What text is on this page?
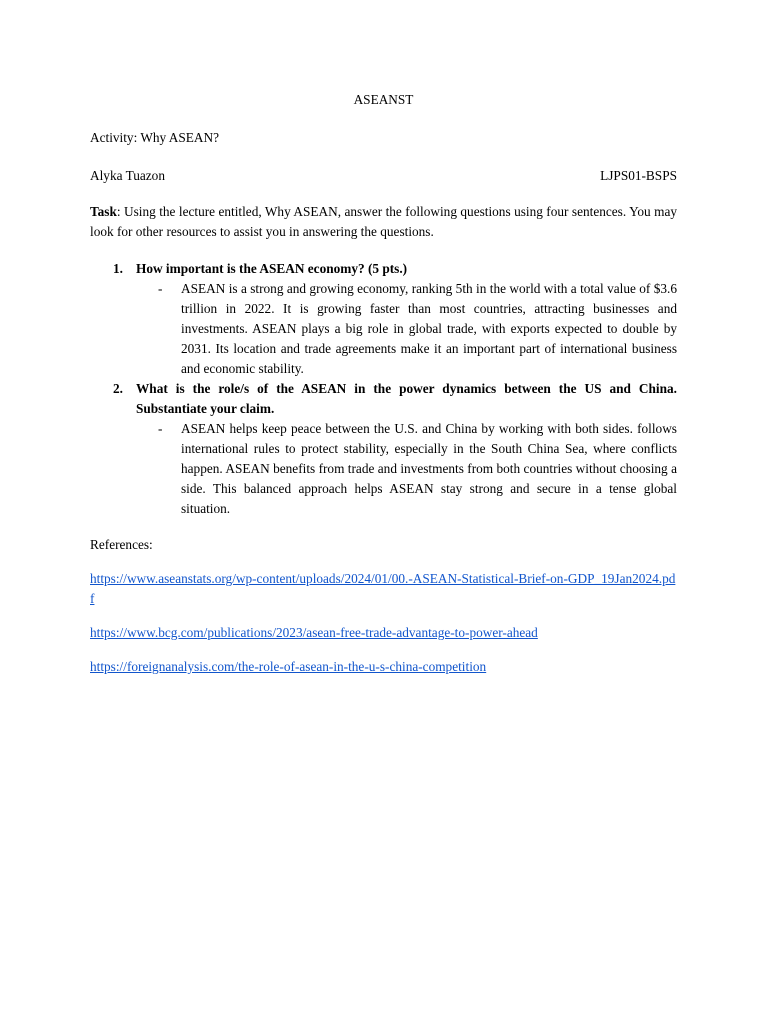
ASEANST
Activity: Why ASEAN?
Alyka Tuazon	LJPS01-BSPS
Task: Using the lecture entitled, Why ASEAN, answer the following questions using four sentences. You may look for other resources to assist you in answering the questions.
1. How important is the ASEAN economy? (5 pts.)
- ASEAN is a strong and growing economy, ranking 5th in the world with a total value of $3.6 trillion in 2022. It is growing faster than most countries, attracting businesses and investments. ASEAN plays a big role in global trade, with exports expected to double by 2031. Its location and trade agreements make it an important part of international business and economic stability.
2. What is the role/s of the ASEAN in the power dynamics between the US and China. Substantiate your claim.
- ASEAN helps keep peace between the U.S. and China by working with both sides. follows international rules to protect stability, especially in the South China Sea, where conflicts happen. ASEAN benefits from trade and investments from both countries without choosing a side. This balanced approach helps ASEAN stay strong and secure in a tense global situation.
References:
https://www.aseanstats.org/wp-content/uploads/2024/01/00.-ASEAN-Statistical-Brief-on-GDP_19Jan2024.pdf
https://www.bcg.com/publications/2023/asean-free-trade-advantage-to-power-ahead
https://foreignanalysis.com/the-role-of-asean-in-the-u-s-china-competition
